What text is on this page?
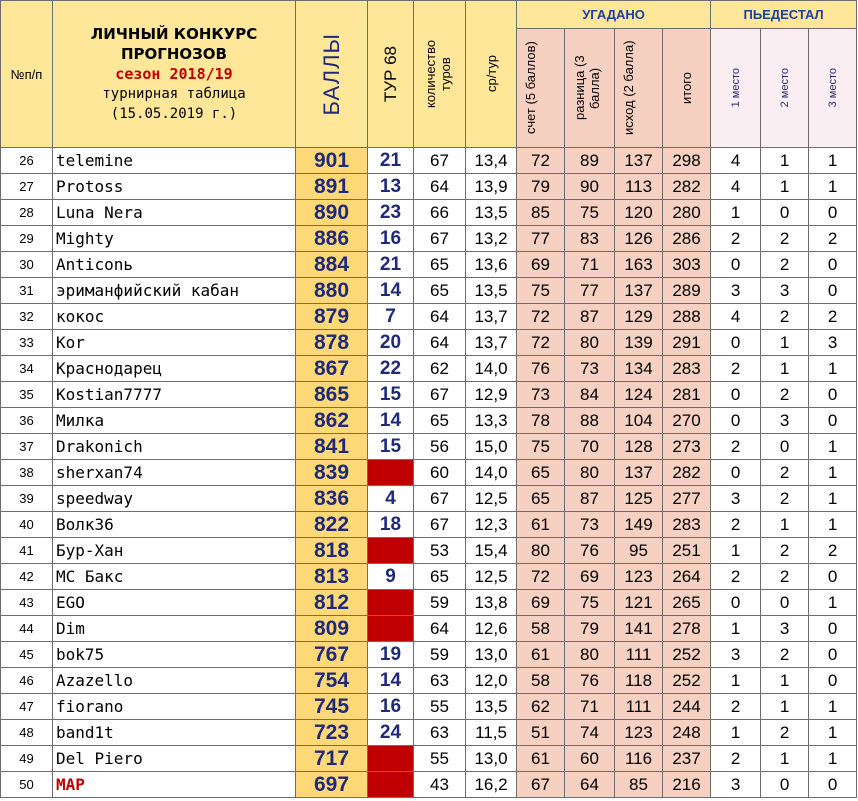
№п/п	ЛИЧНЫЙ КОНКУРС
ПРОГНОЗОВ
сезон 2018/19
турнирная таблица
(15.05.2019 г.)	БАЛЛЫ	ТУР 68	количество туров	ср/тур	УГАДАНО				ПЬЕДЕСТАЛ		

						счет (5 баллов)	разница (3 балла)	исход (2 балла)	итого	1 место	2 место	3 место

26	telemine	901	21	67	13,4	72	89	137	298	4	1	1
27	Protoss	891	13	64	13,9	79	90	113	282	4	1	1
28	Luna Nera	890	23	66	13,5	85	75	120	280	1	0	0
29	Mighty	886	16	67	13,2	77	83	126	286	2	2	2
30	Anticonь	884	21	65	13,6	69	71	163	303	0	2	0
31	эриманфийский кабан	880	14	65	13,5	75	77	137	289	3	3	0
32	кокос	879	7	64	13,7	72	87	129	288	4	2	2
33	Kor	878	20	64	13,7	72	80	139	291	0	1	3
34	Краснодарец	867	22	62	14,0	76	73	134	283	2	1	1
35	Kostian7777	865	15	67	12,9	73	84	124	281	0	2	0
36	Милка	862	14	65	13,3	78	88	104	270	0	3	0
37	Drakonich	841	15	56	15,0	75	70	128	273	2	0	1
38	sherxan74	839		60	14,0	65	80	137	282	0	2	1
39	speedway	836	4	67	12,5	65	87	125	277	3	2	1
40	Волк36	822	18	67	12,3	61	73	149	283	2	1	1
41	Бур-Хан	818		53	15,4	80	76	95	251	1	2	2
42	МС Бакс	813	9	65	12,5	72	69	123	264	2	2	0
43	EGO	812		59	13,8	69	75	121	265	0	0	1
44	Dim	809		64	12,6	58	79	141	278	1	3	0
45	bok75	767	19	59	13,0	61	80	111	252	3	2	0
46	Azazello	754	14	63	12,0	58	76	118	252	1	1	0
47	fiorano	745	16	55	13,5	62	71	111	244	2	1	1
48	band1t	723	24	63	11,5	51	74	123	248	1	2	1
49	Del Piero	717		55	13,0	61	60	116	237	2	1	1
50	MAP	697		43	16,2	67	64	85	216	3	0	0
